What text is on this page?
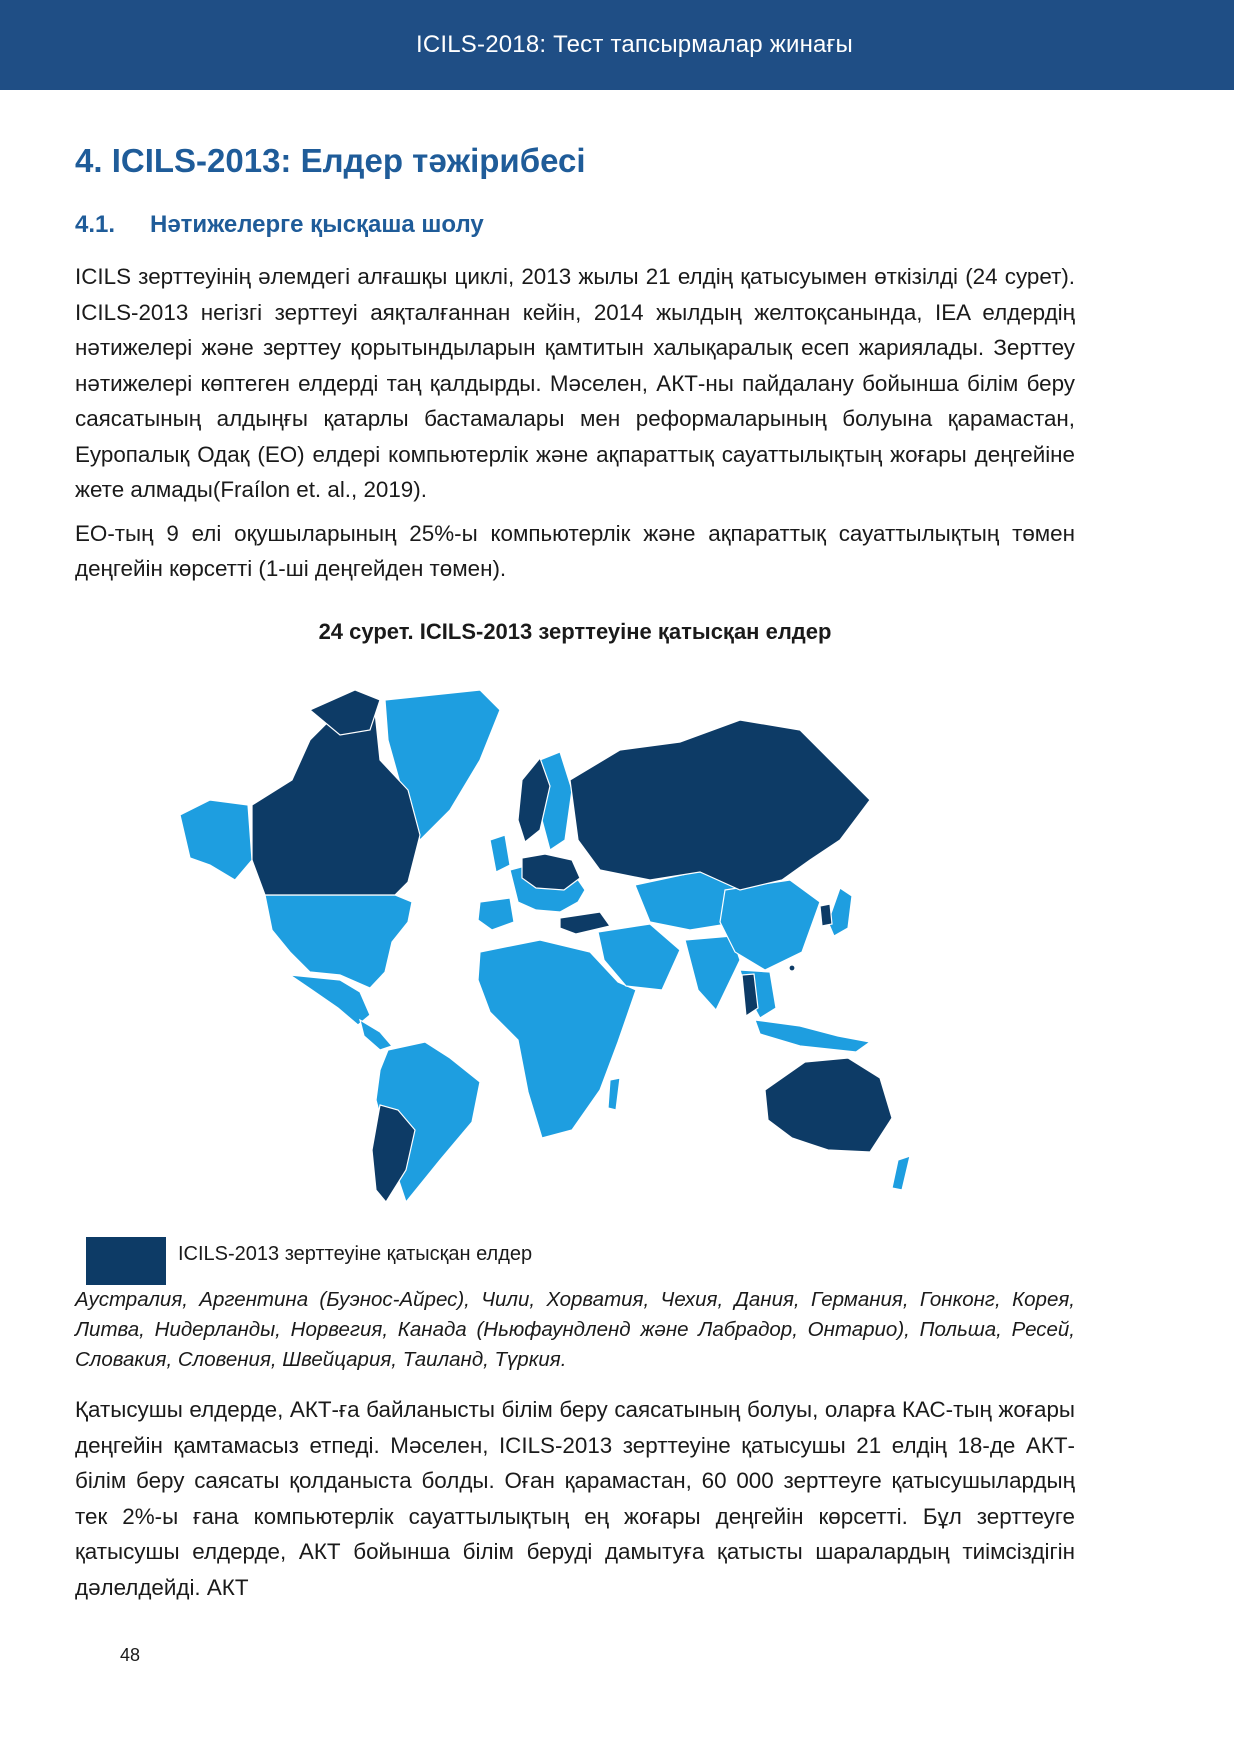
ICILS-2018: Тест тапсырмалар жинағы
4. ICILS-2013: Елдер тәжірибесі
4.1.	Нәтижелерге қысқаша шолу

ICILS зерттеуінің әлемдегі алғашқы циклі, 2013 жылы 21 елдің қатысуымен өткізілді (24 сурет). ICILS-2013 негізгі зерттеуі аяқталғаннан кейін, 2014 жылдың желтоқсанында, IEA елдердің нәтижелері және зерттеу қорытындыларын қамтитын халықаралық есеп жариялады. Зерттеу нәтижелері көптеген елдерді таң қалдырды. Мәселен, АКТ-ны пайдалану бойынша білім беру саясатының алдыңғы қатарлы бастамалары мен реформаларының болуына қарамастан, Еуропалық Одақ (ЕО) елдері компьютерлік және ақпараттық сауаттылықтың жоғары деңгейіне жете алмады(Fraílon et. al., 2019).

ЕО-тың 9 елі оқушыларының 25%-ы компьютерлік және ақпараттық сауаттылықтың төмен деңгейін көрсетті (1-ші деңгейден төмен).

24 сурет. ICILS-2013 зерттеуіне қатысқан елдер
ICILS-2013 зерттеуіне қатысқан елдер

Аустралия, Аргентина (Буэнос-Айрес), Чили, Хорватия, Чехия, Дания, Германия, Гонконг, Корея, Литва, Нидерланды, Норвегия, Канада (Ньюфаундленд және Лабрадор, Онтарио), Польша, Ресей, Словакия, Словения, Швейцария, Таиланд, Түркия.

Қатысушы елдерде, АКТ-ға байланысты білім беру саясатының болуы, оларға КАС-тың жоғары деңгейін қамтамасыз етпеді. Мәселен, ICILS-2013 зерттеуіне қатысушы 21 елдің 18-де АКТ-білім беру саясаты қолданыста болды. Оған қарамастан, 60 000 зерттеуге қатысушылардың тек 2%-ы ғана компьютерлік сауаттылықтың ең жоғары деңгейін көрсетті. Бұл зерттеуге қатысушы елдерде, АКТ бойынша білім беруді дамытуға қатысты шаралардың тиімсіздігін дәлелдейді. АКТ

48
